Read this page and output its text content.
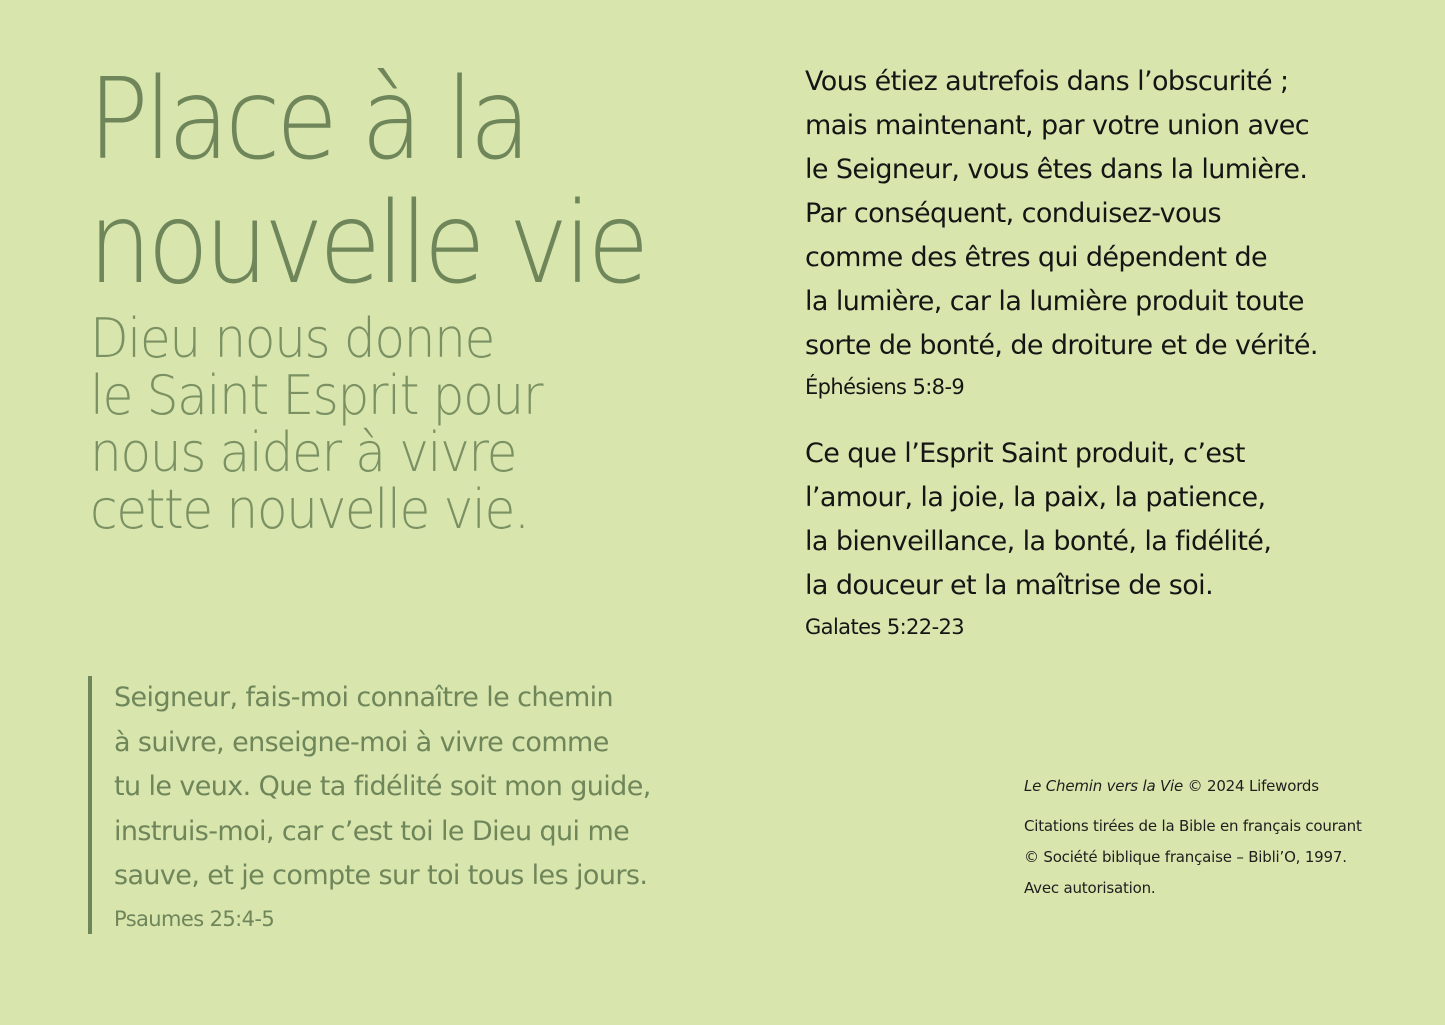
Place à la
nouvelle vie
Dieu nous donne
le Saint Esprit pour
nous aider à vivre
cette nouvelle vie.
Vous étiez autrefois dans l’obscurité ;
mais maintenant, par votre union avec
le Seigneur, vous êtes dans la lumière.
Par conséquent, conduisez-vous
comme des êtres qui dépendent de
la lumière, car la lumière produit toute
sorte de bonté, de droiture et de vérité.
Éphésiens 5:8-9
Ce que l’Esprit Saint produit, c’est
l’amour, la joie, la paix, la patience,
la bienveillance, la bonté, la fidélité,
la douceur et la maîtrise de soi.
Galates 5:22-23
Seigneur, fais-moi connaître le chemin
à suivre, enseigne-moi à vivre comme
tu le veux. Que ta fidélité soit mon guide,
instruis-moi, car c’est toi le Dieu qui me
sauve, et je compte sur toi tous les jours.
Psaumes 25:4-5
Le Chemin vers la Vie © 2024 Lifewords
Citations tirées de la Bible en français courant
© Société biblique française – Bibli’O, 1997.
Avec autorisation.
